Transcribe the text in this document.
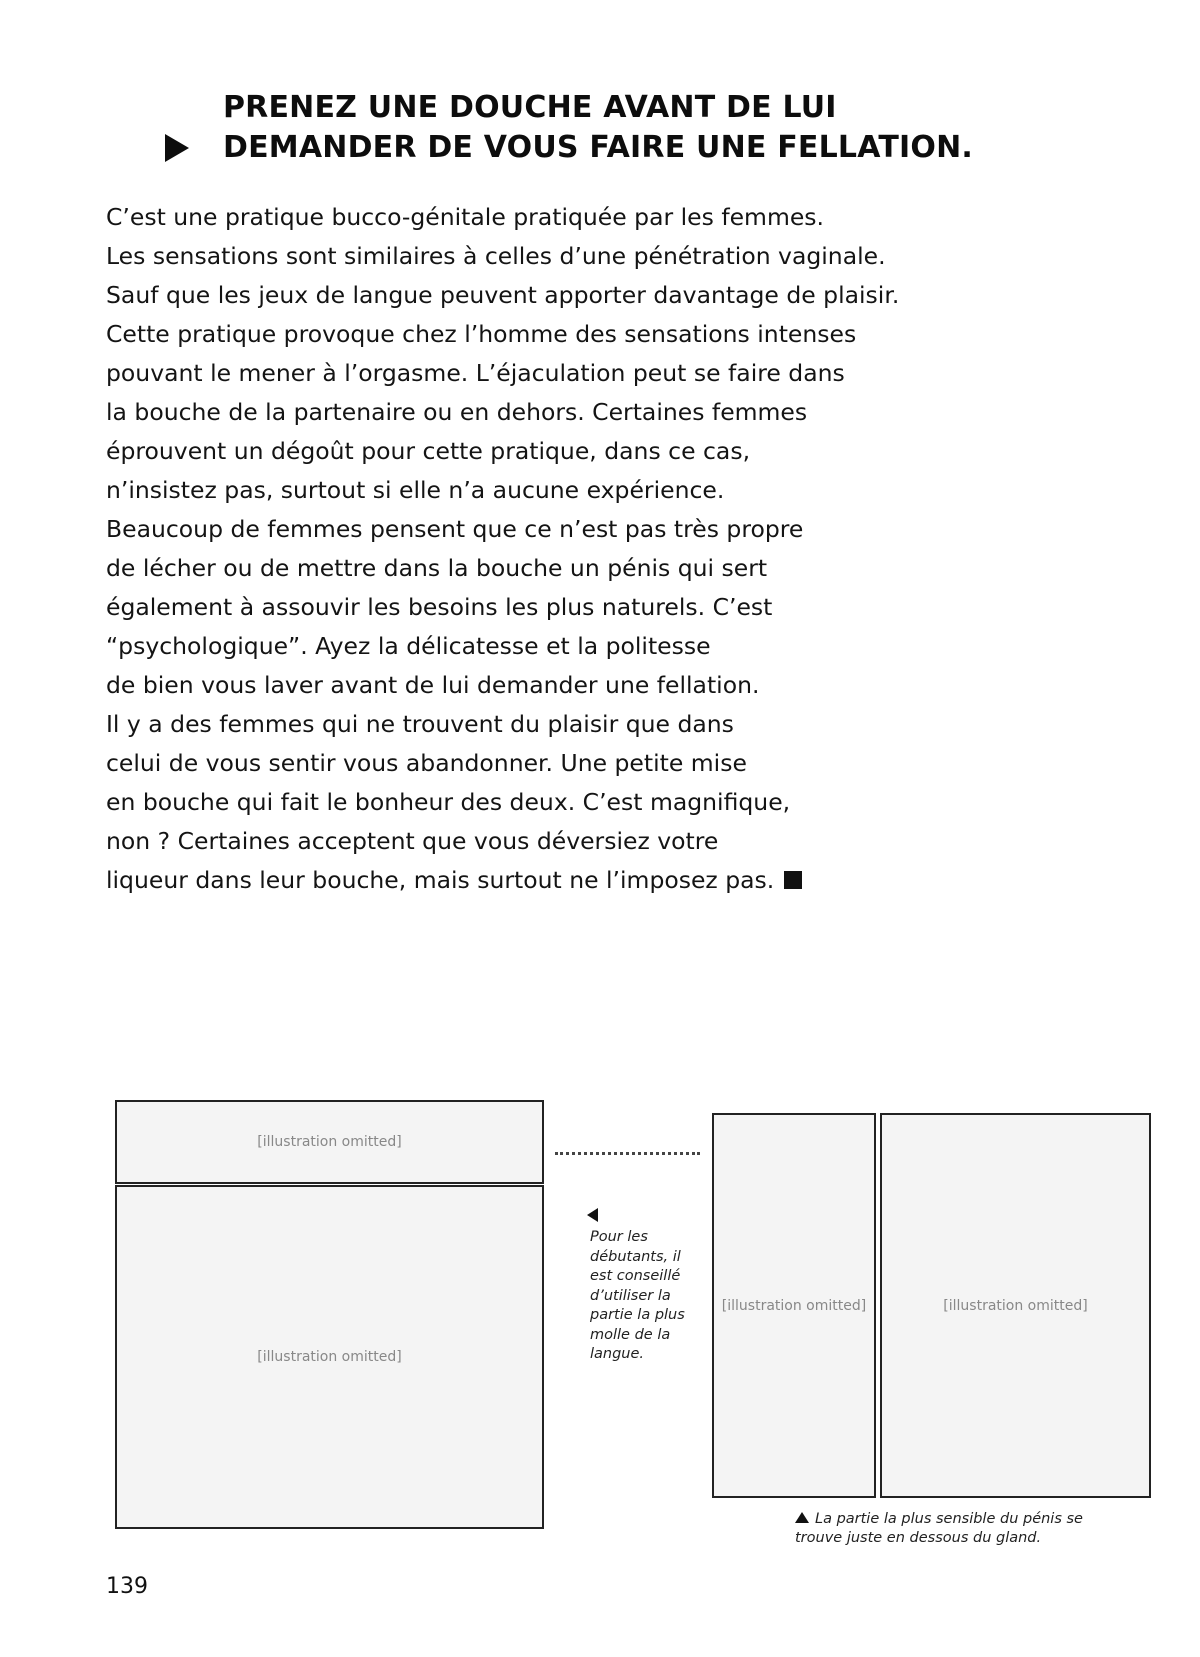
PRENEZ UNE DOUCHE AVANT DE LUI
DEMANDER DE VOUS FAIRE UNE FELLATION.
C’est une pratique bucco-génitale pratiquée par les femmes.
Les sensations sont similaires à celles d’une pénétration vaginale.
Sauf que les jeux de langue peuvent apporter davantage de plaisir.
Cette pratique provoque chez l’homme des sensations intenses
pouvant le mener à l’orgasme. L’éjaculation peut se faire dans
la bouche de la partenaire ou en dehors. Certaines femmes
éprouvent un dégoût pour cette pratique, dans ce cas,
n’insistez pas, surtout si elle n’a aucune expérience.
Beaucoup de femmes pensent que ce n’est pas très propre
de lécher ou de mettre dans la bouche un pénis qui sert
également à assouvir les besoins les plus naturels. C’est
“psychologique”. Ayez la délicatesse et la politesse
de bien vous laver avant de lui demander une fellation.
Il y a des femmes qui ne trouvent du plaisir que dans
celui de vous sentir vous abandonner. Une petite mise
en bouche qui fait le bonheur des deux. C’est magnifique,
non ? Certaines acceptent que vous déversiez votre
liqueur dans leur bouche, mais surtout ne l’imposez pas.
[illustration omitted]
[illustration omitted]
[illustration omitted]	[illustration omitted]
Pour les débutants, il est conseillé d’utiliser la partie la plus molle de la langue.
La partie la plus sensible du pénis se trouve juste en dessous du gland.
139
